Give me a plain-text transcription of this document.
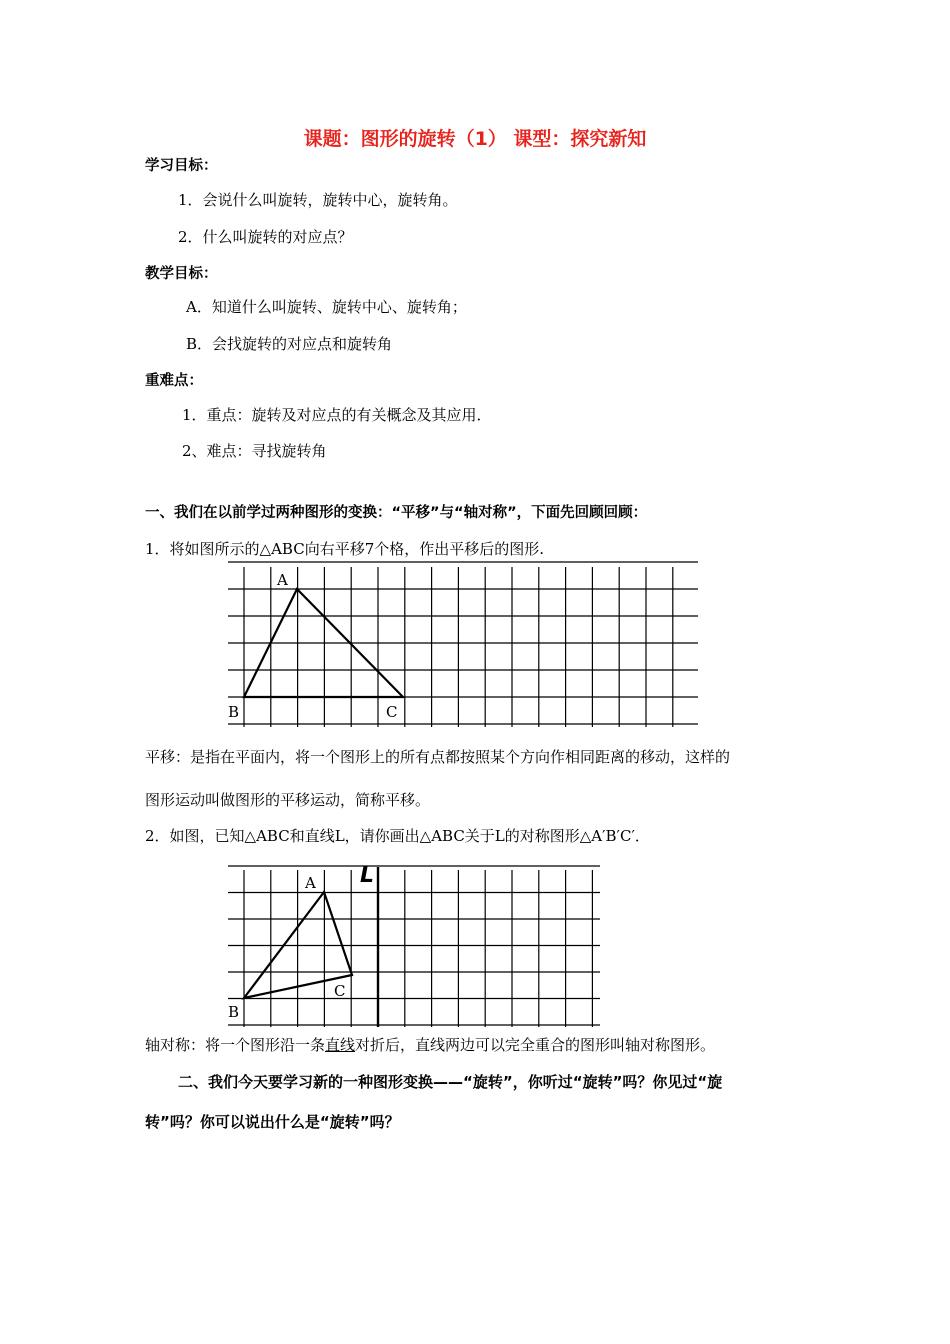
课题：图形的旋转（1） 课型：探究新知
学习目标：
1．会说什么叫旋转，旋转中心，旋转角。
2．什么叫旋转的对应点？
教学目标：
A．知道什么叫旋转、旋转中心、旋转角；
B．会找旋转的对应点和旋转角
重难点：
1．重点：旋转及对应点的有关概念及其应用．
2、难点：寻找旋转角
一、我们在以前学过两种图形的变换：“平移”与“轴对称”，下面先回顾回顾：
1．将如图所示的△ABC向右平移7个格，作出平移后的图形.
A
B	C
A
B
C
L
平移：是指在平面内，将一个图形上的所有点都按照某个方向作相同距离的移动，这样的
图形运动叫做图形的平移运动，简称平移。
2．如图，已知△ABC和直线L，请你画出△ABC关于L的对称图形△A′B′C′．
轴对称：将一个图形沿一条直线对折后，直线两边可以完全重合的图形叫轴对称图形。
二、我们今天要学习新的一种图形变换——“旋转”，你听过“旋转”吗？你见过“旋
转”吗？你可以说出什么是“旋转”吗？
